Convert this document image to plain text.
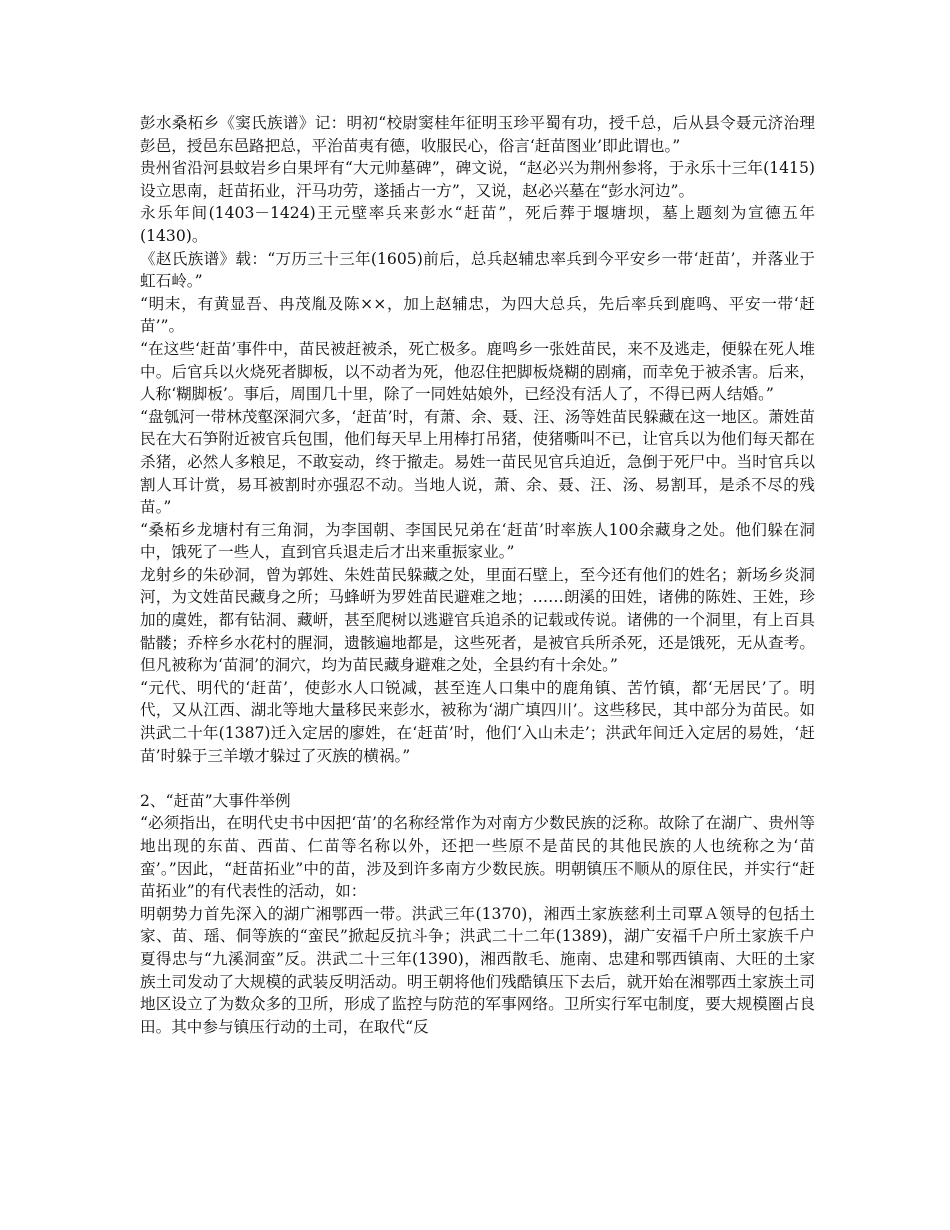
彭水桑柘乡《窦氏族谱》记：明初“校尉窦桂年征明玉珍平蜀有功，授千总，后从县令聂元济治理彭邑，授邑东邑路把总，平治苗夷有德，收服民心，俗言‘赶苗图业’即此谓也。”

贵州省沿河县蚊岩乡白果坪有“大元帅墓碑”，碑文说，“赵必兴为荆州参将，于永乐十三年(1415)设立思南，赶苗拓业，汗马功劳，遂插占一方”，又说，赵必兴墓在“彭水河边”。

永乐年间(1403－1424)王元壁率兵来彭水“赶苗”，死后葬于堰塘坝，墓上题刻为宣德五年(1430)。

《赵氏族谱》载：“万历三十三年(1605)前后，总兵赵辅忠率兵到今平安乡一带‘赶苗’，并落业于虹石岭。”

“明末，有黄显吾、冉茂胤及陈××，加上赵辅忠，为四大总兵，先后率兵到鹿鸣、平安一带‘赶苗’”。

“在这些‘赶苗’事件中，苗民被赶被杀，死亡极多。鹿鸣乡一张姓苗民，来不及逃走，便躲在死人堆中。后官兵以火烧死者脚板，以不动者为死，他忍住把脚板烧糊的剧痛，而幸免于被杀害。后来，人称‘糊脚板’。事后，周围几十里，除了一同姓姑娘外，已经没有活人了，不得已两人结婚。”

“盘瓠河一带林茂壑深洞穴多，‘赶苗’时，有萧、余、聂、汪、汤等姓苗民躲藏在这一地区。萧姓苗民在大石笋附近被官兵包围，他们每天早上用棒打吊猪，使猪嘶叫不已，让官兵以为他们每天都在杀猪，必然人多粮足，不敢妄动，终于撤走。易姓一苗民见官兵迫近，急倒于死尸中。当时官兵以割人耳计赏，易耳被割时亦强忍不动。当地人说，萧、余、聂、汪、汤、易割耳，是杀不尽的残苗。”

“桑柘乡龙塘村有三角洞，为李国朝、李国民兄弟在‘赶苗’时率族人100余藏身之处。他们躲在洞中，饿死了一些人，直到官兵退走后才出来重振家业。”

龙射乡的朱砂洞，曾为郭姓、朱姓苗民躲藏之处，里面石壁上，至今还有他们的姓名；新场乡炎洞河，为文姓苗民藏身之所；马蜂岍为罗姓苗民避难之地；……朗溪的田姓，诸佛的陈姓、王姓，珍加的虞姓，都有钻洞、藏岍，甚至爬树以逃避官兵追杀的记载或传说。诸佛的一个洞里，有上百具骷髅；乔梓乡水花村的腥洞，遗骸遍地都是，这些死者，是被官兵所杀死，还是饿死，无从查考。但凡被称为‘苗洞’的洞穴，均为苗民藏身避难之处，全县约有十余处。”

“元代、明代的‘赶苗’，使彭水人口锐减，甚至连人口集中的鹿角镇、苦竹镇，都‘无居民’了。明代，又从江西、湖北等地大量移民来彭水，被称为‘湖广填四川’。这些移民，其中部分为苗民。如洪武二十年(1387)迁入定居的廖姓，在‘赶苗’时，他们‘入山未走’；洪武年间迁入定居的易姓，‘赶苗’时躲于三羊墩才躲过了灭族的横祸。”

2、“赶苗”大事件举例

“必须指出，在明代史书中因把‘苗’的名称经常作为对南方少数民族的泛称。故除了在湖广、贵州等地出现的东苗、西苗、仁苗等名称以外，还把一些原不是苗民的其他民族的人也统称之为‘苗蛮’。”因此，“赶苗拓业”中的苗，涉及到许多南方少数民族。明朝镇压不顺从的原住民，并实行“赶苗拓业”的有代表性的活动，如：

明朝势力首先深入的湖广湘鄂西一带。洪武三年(1370)，湘西土家族慈利土司覃Ａ领导的包括土家、苗、瑶、侗等族的“蛮民”掀起反抗斗争；洪武二十二年(1389)，湖广安福千户所土家族千户夏得忠与“九溪洞蛮”反。洪武二十三年(1390)，湘西散毛、施南、忠建和鄂西镇南、大旺的土家族土司发动了大规模的武装反明活动。明王朝将他们残酷镇压下去后，就开始在湘鄂西土家族土司地区设立了为数众多的卫所，形成了监控与防范的军事网络。卫所实行军屯制度，要大规模圈占良田。其中参与镇压行动的土司，在取代“反
